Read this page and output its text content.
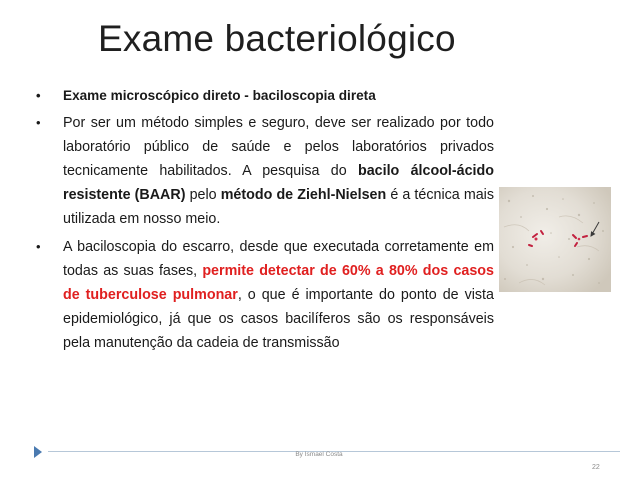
Exame bacteriológico
• Exame microscópico direto - baciloscopia direta
• Por ser um método simples e seguro, deve ser realizado por todo laboratório público de saúde e pelos laboratórios privados tecnicamente habilitados. A pesquisa do bacilo álcool-ácido resistente (BAAR) pelo método de Ziehl-Nielsen é a técnica mais utilizada em nosso meio.
• A baciloscopia do escarro, desde que executada corretamente em todas as suas fases, permite detectar de 60% a 80% dos casos de tuberculose pulmonar, o que é importante do ponto de vista epidemiológico, já que os casos bacilíferos são os responsáveis pela manutenção da cadeia de transmissão
By Ismael Costa
22
